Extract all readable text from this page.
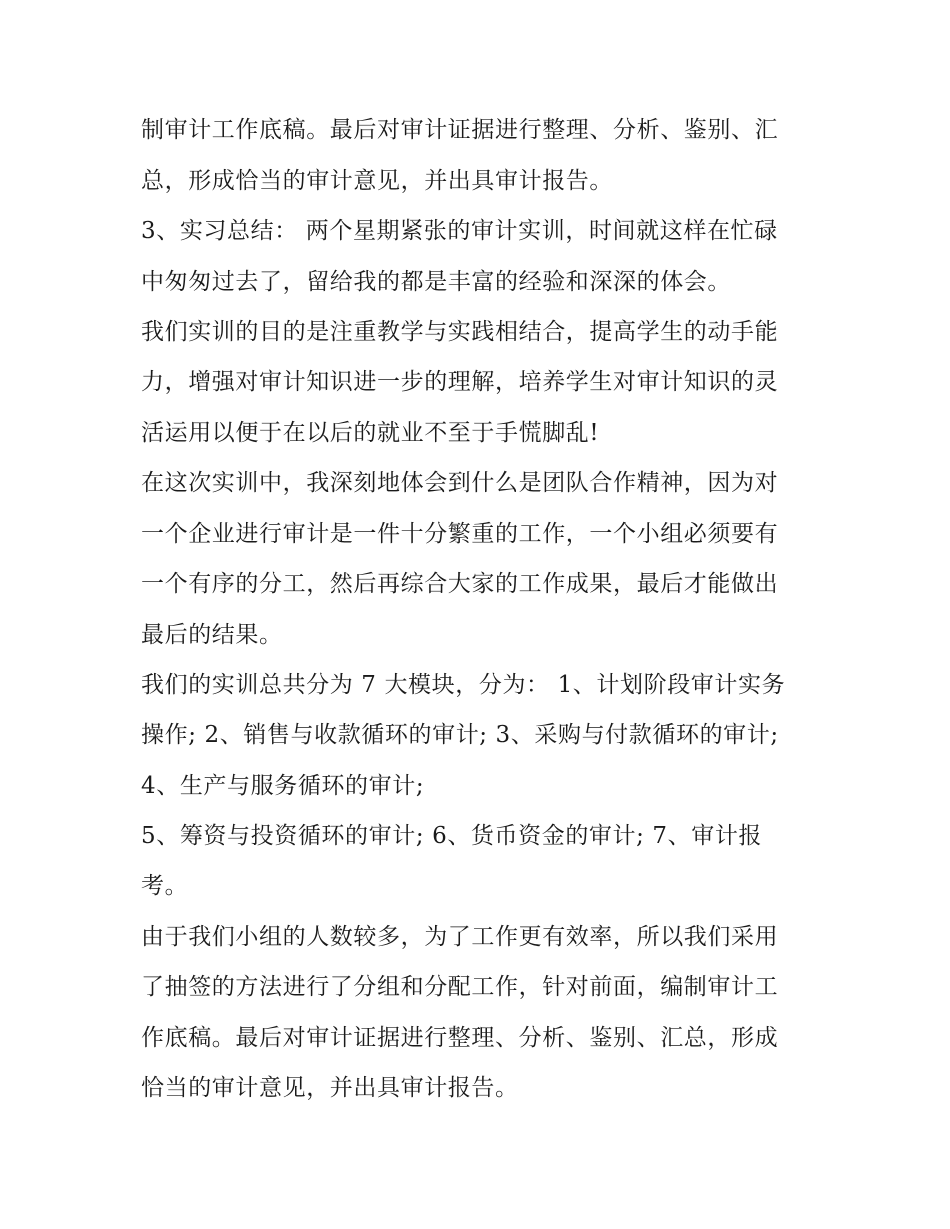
制审计工作底稿。最后对审计证据进行整理、分析、鉴别、汇
总，形成恰当的审计意见，并出具审计报告。
3、实习总结： 两个星期紧张的审计实训，时间就这样在忙碌
中匆匆过去了，留给我的都是丰富的经验和深深的体会。
我们实训的目的是注重教学与实践相结合，提高学生的动手能
力，增强对审计知识进一步的理解，培养学生对审计知识的灵
活运用以便于在以后的就业不至于手慌脚乱!
在这次实训中，我深刻地体会到什么是团队合作精神，因为对
一个企业进行审计是一件十分繁重的工作，一个小组必须要有
一个有序的分工，然后再综合大家的工作成果，最后才能做出
最后的结果。
我们的实训总共分为 7 大模块，分为： 1、计划阶段审计实务
操作; 2、销售与收款循环的审计; 3、采购与付款循环的审计;
4、生产与服务循环的审计;
5、筹资与投资循环的审计; 6、货币资金的审计; 7、审计报
考。
由于我们小组的人数较多，为了工作更有效率，所以我们采用
了抽签的方法进行了分组和分配工作，针对前面，编制审计工
作底稿。最后对审计证据进行整理、分析、鉴别、汇总，形成
恰当的审计意见，并出具审计报告。
